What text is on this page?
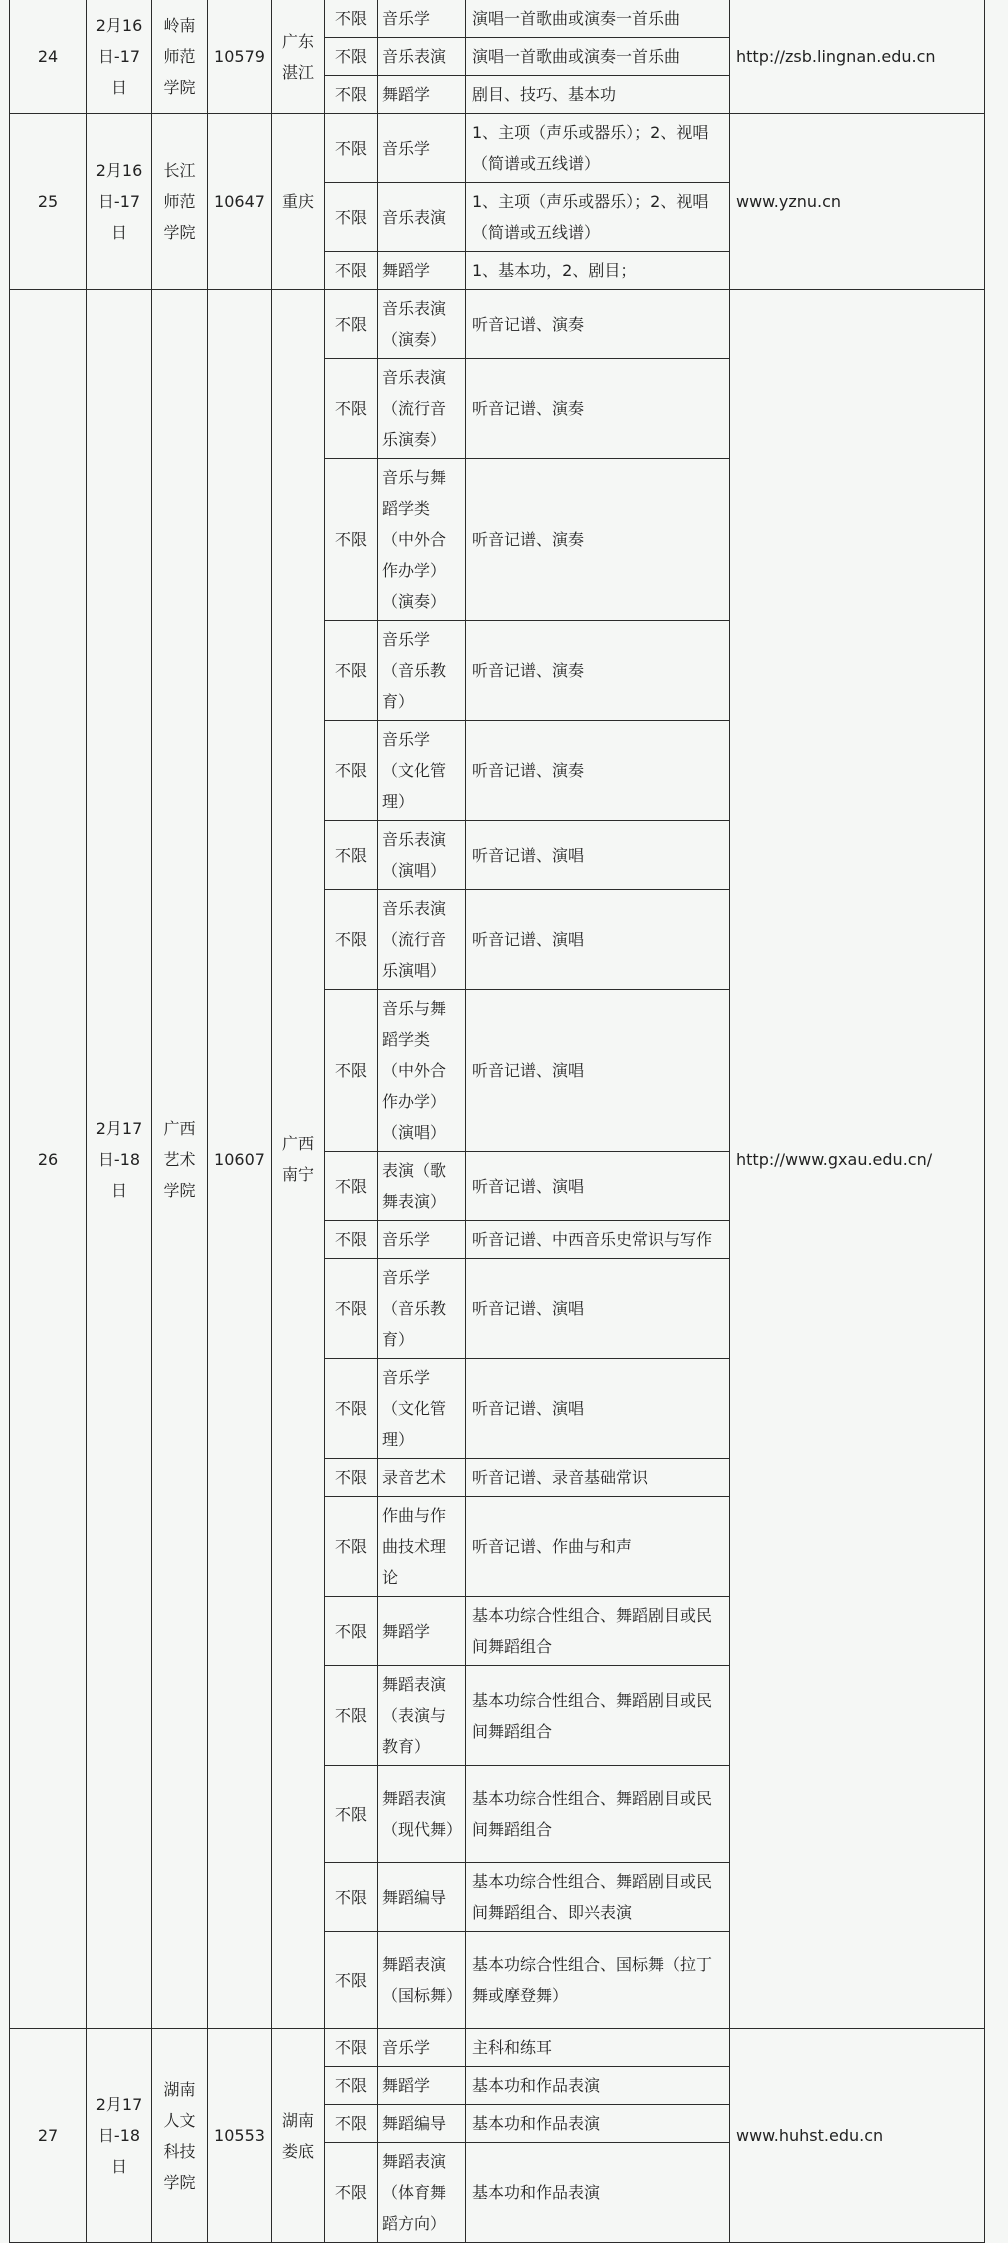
24	2月16日-17日	岭南师范学院	10579	广东湛江	不限	音乐学	演唱一首歌曲或演奏一首乐曲	http://zsb.lingnan.edu.cn
					不限	音乐表演	演唱一首歌曲或演奏一首乐曲	
					不限	舞蹈学	剧目、技巧、基本功	
25	2月16日-17日	长江师范学院	10647	重庆	不限	音乐学	1、主项（声乐或器乐）；2、视唱（简谱或五线谱）	www.yznu.cn
					不限	音乐表演	1、主项（声乐或器乐）；2、视唱（简谱或五线谱）	
					不限	舞蹈学	1、基本功，2、剧目；	
26	2月17日-18日	广西艺术学院	10607	广西南宁	不限	音乐表演（演奏）	听音记谱、演奏	http://www.gxau.edu.cn/
					不限	音乐表演（流行音乐演奏）	听音记谱、演奏	
					不限	音乐与舞蹈学类（中外合作办学）（演奏）	听音记谱、演奏	
					不限	音乐学（音乐教育）	听音记谱、演奏	
					不限	音乐学（文化管理）	听音记谱、演奏	
					不限	音乐表演（演唱）	听音记谱、演唱	
					不限	音乐表演（流行音乐演唱）	听音记谱、演唱	
					不限	音乐与舞蹈学类（中外合作办学）（演唱）	听音记谱、演唱	
					不限	表演（歌舞表演）	听音记谱、演唱	
					不限	音乐学	听音记谱、中西音乐史常识与写作	
					不限	音乐学（音乐教育）	听音记谱、演唱	
					不限	音乐学（文化管理）	听音记谱、演唱	
					不限	录音艺术	听音记谱、录音基础常识	
					不限	作曲与作曲技术理论	听音记谱、作曲与和声	
					不限	舞蹈学	基本功综合性组合、舞蹈剧目或民间舞蹈组合	
					不限	舞蹈表演（表演与教育）	基本功综合性组合、舞蹈剧目或民间舞蹈组合	
					不限	舞蹈表演（现代舞）	基本功综合性组合、舞蹈剧目或民间舞蹈组合	
					不限	舞蹈编导	基本功综合性组合、舞蹈剧目或民间舞蹈组合、即兴表演	
					不限	舞蹈表演（国标舞）	基本功综合性组合、国标舞（拉丁舞或摩登舞）	
27	2月17日-18日	湖南人文科技学院	10553	湖南娄底	不限	音乐学	主科和练耳	www.huhst.edu.cn
					不限	舞蹈学	基本功和作品表演	
					不限	舞蹈编导	基本功和作品表演	
					不限	舞蹈表演（体育舞蹈方向）	基本功和作品表演	
